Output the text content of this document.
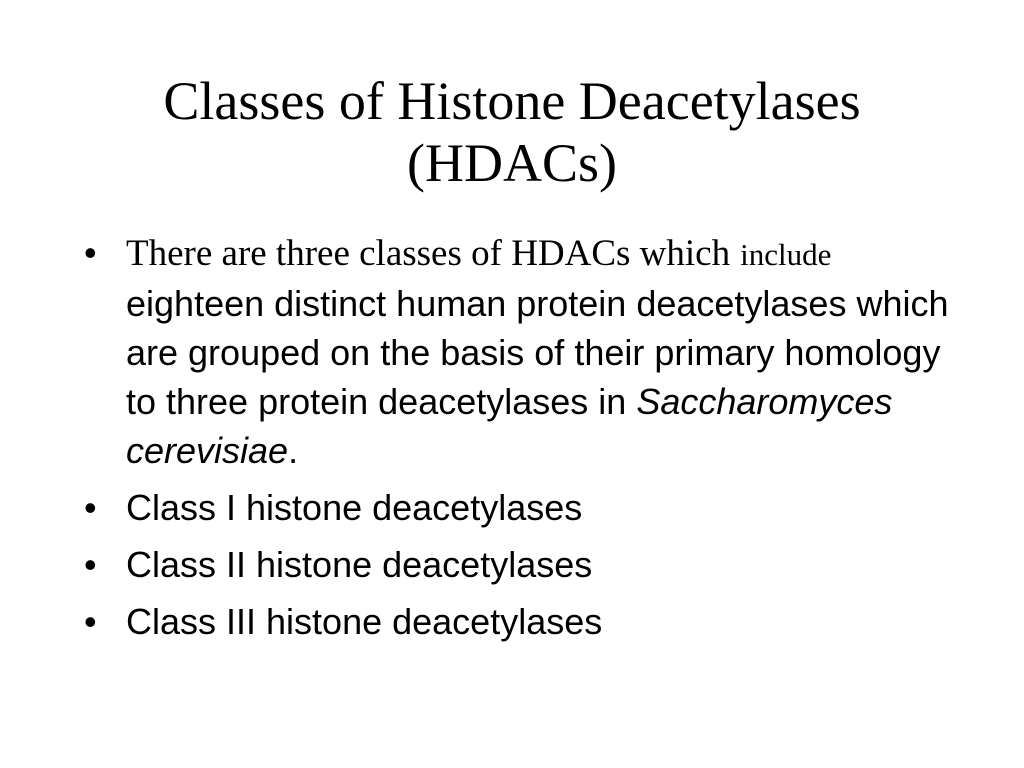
Classes of Histone Deacetylases
(HDACs)
• There are three classes of HDACs which include eighteen distinct human protein deacetylases which are grouped on the basis of their primary homology to three protein deacetylases in Saccharomyces cerevisiae.
• Class I histone deacetylases
• Class II histone deacetylases
• Class III histone deacetylases
